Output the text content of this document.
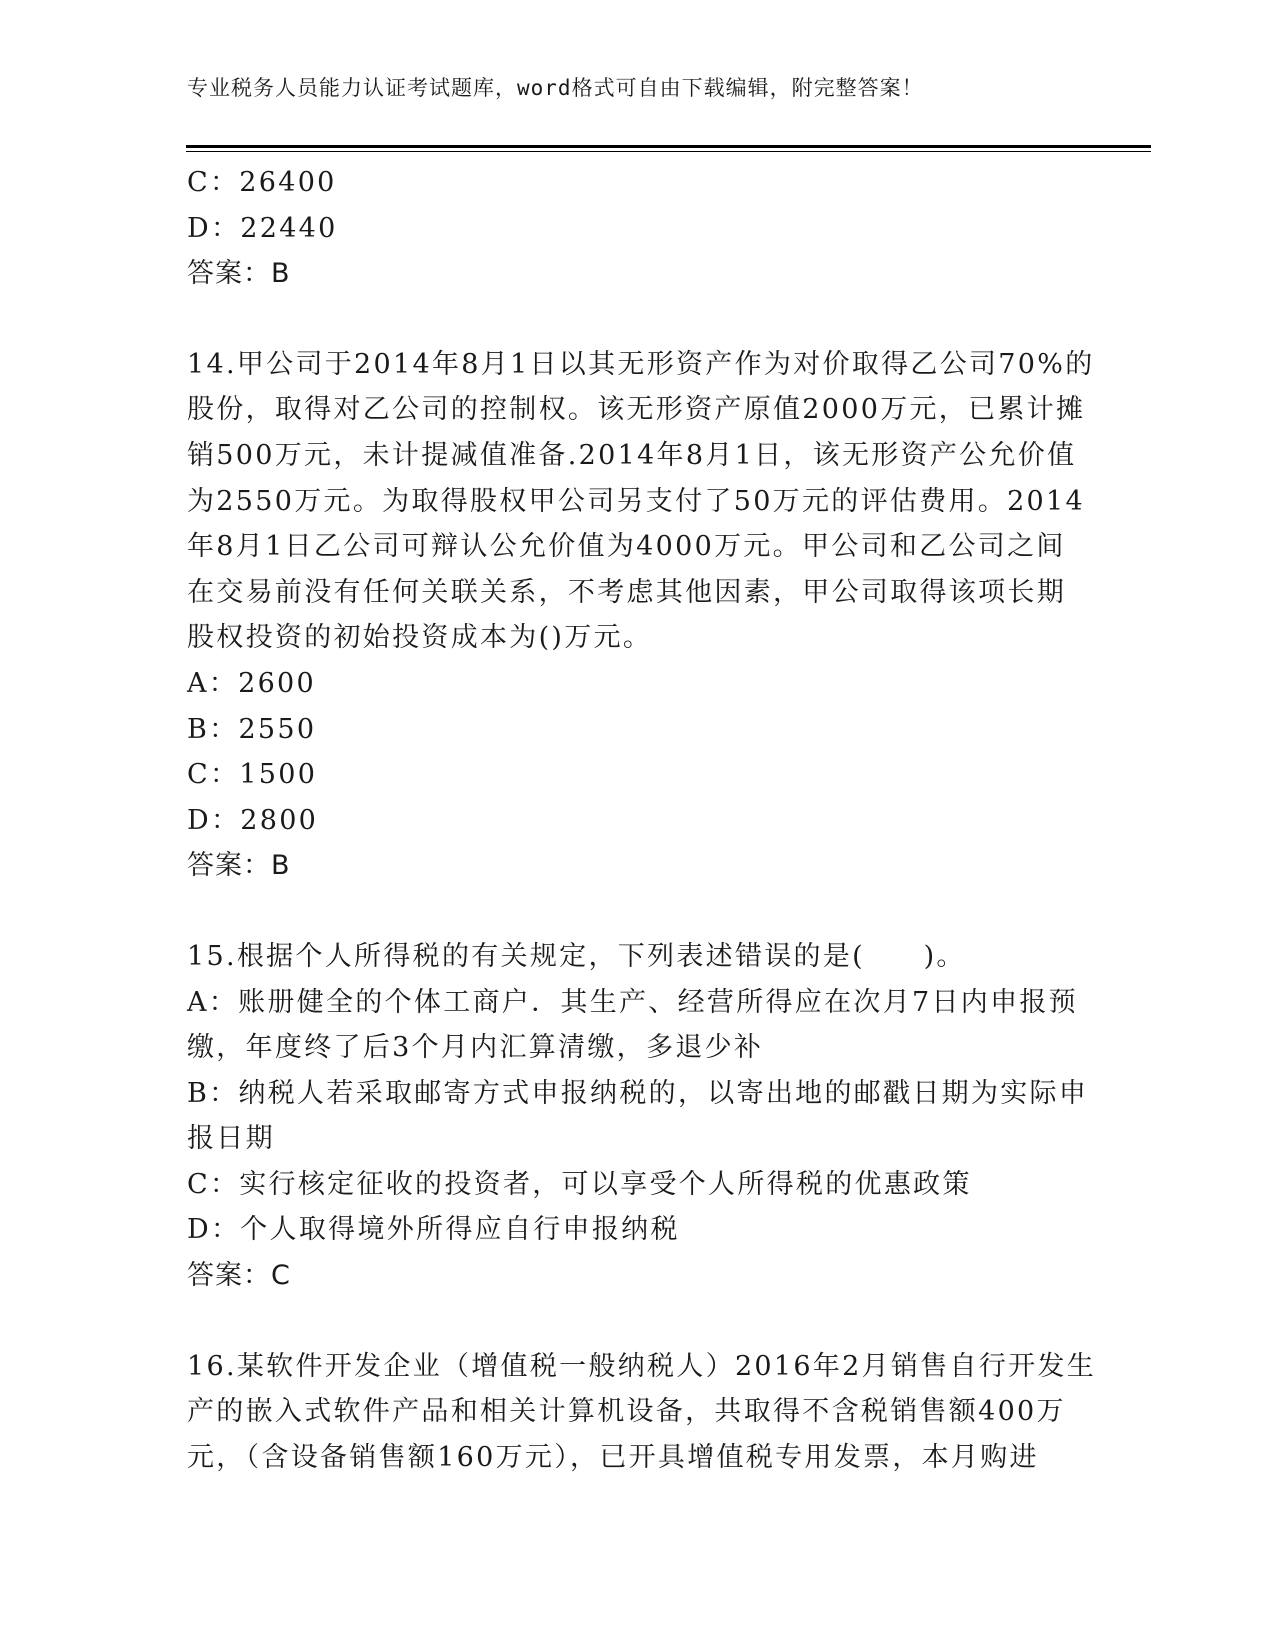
专业税务人员能力认证考试题库，word格式可自由下载编辑，附完整答案！
C：26400
D：22440
答案：B
14.甲公司于2014年8月1日以其无形资产作为对价取得乙公司70%的
股份，取得对乙公司的控制权。该无形资产原值2000万元，已累计摊
销500万元，未计提减值准备.2014年8月1日，该无形资产公允价值
为2550万元。为取得股权甲公司另支付了50万元的评估费用。2014
年8月1日乙公司可辩认公允价值为4000万元。甲公司和乙公司之间
在交易前没有任何关联关系，不考虑其他因素，甲公司取得该项长期
股权投资的初始投资成本为()万元。
A：2600
B：2550
C：1500
D：2800
答案：B
15.根据个人所得税的有关规定，下列表述错误的是(　　)。
A：账册健全的个体工商户．其生产、经营所得应在次月7日内申报预
缴，年度终了后3个月内汇算清缴，多退少补
B：纳税人若采取邮寄方式申报纳税的，以寄出地的邮戳日期为实际申
报日期
C：实行核定征收的投资者，可以享受个人所得税的优惠政策
D：个人取得境外所得应自行申报纳税
答案：C
16.某软件开发企业（增值税一般纳税人）2016年2月销售自行开发生
产的嵌入式软件产品和相关计算机设备，共取得不含税销售额400万
元，（含设备销售额160万元），已开具增值税专用发票，本月购进
